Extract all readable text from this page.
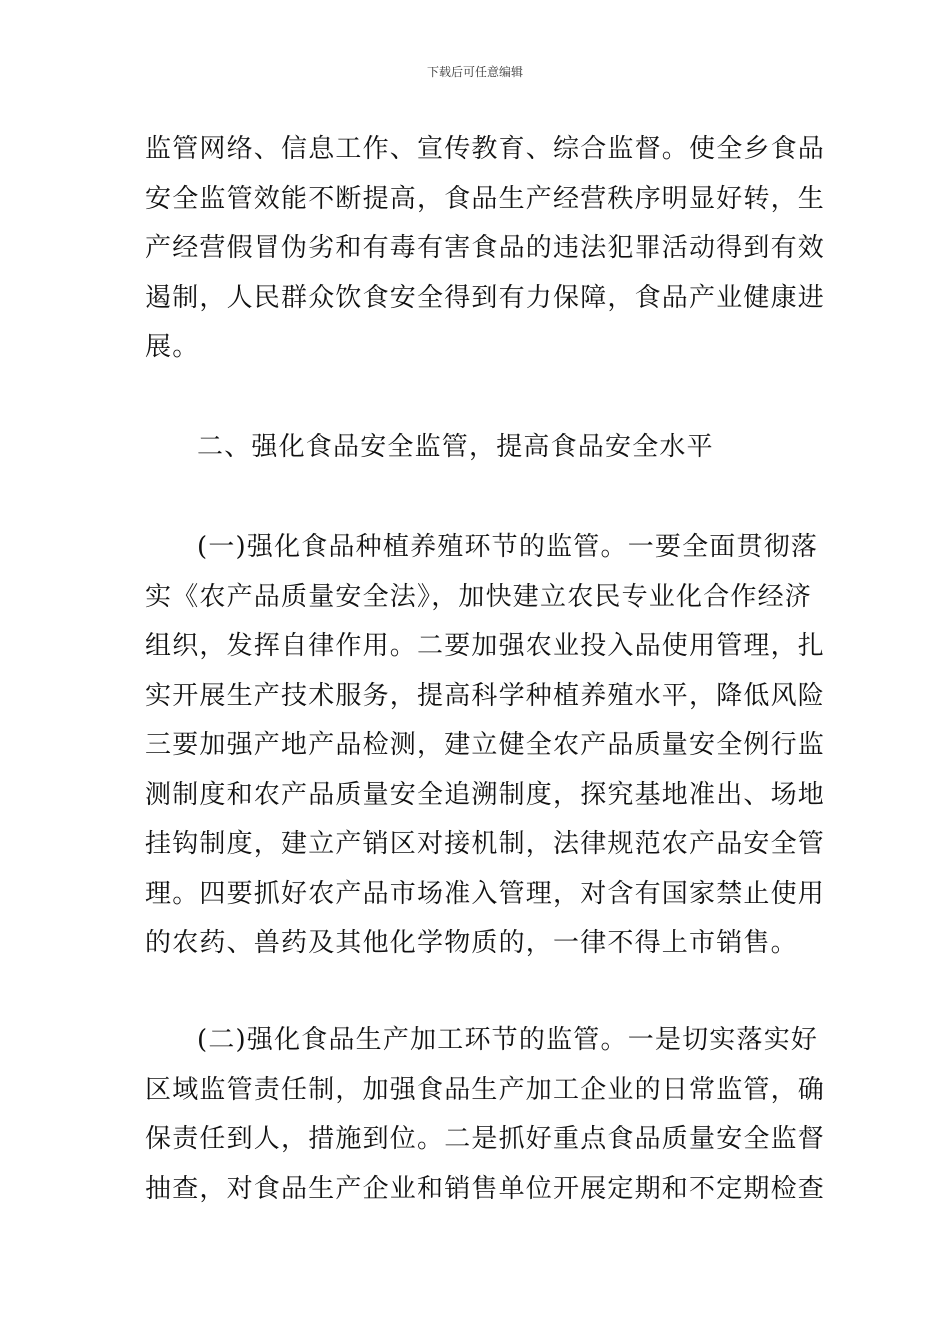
下载后可任意编辑
监管网络、信息工作、宣传教育、综合监督。使全乡食品
安全监管效能不断提高，食品生产经营秩序明显好转，生
产经营假冒伪劣和有毒有害食品的违法犯罪活动得到有效
遏制，人民群众饮食安全得到有力保障，食品产业健康进
展。
二、强化食品安全监管，提高食品安全水平
(一)强化食品种植养殖环节的监管。一要全面贯彻落
实《农产品质量安全法》，加快建立农民专业化合作经济
组织，发挥自律作用。二要加强农业投入品使用管理，扎
实开展生产技术服务，提高科学种植养殖水平，降低风险
三要加强产地产品检测，建立健全农产品质量安全例行监
测制度和农产品质量安全追溯制度，探究基地准出、场地
挂钩制度，建立产销区对接机制，法律规范农产品安全管
理。四要抓好农产品市场准入管理，对含有国家禁止使用
的农药、兽药及其他化学物质的，一律不得上市销售。
(二)强化食品生产加工环节的监管。一是切实落实好
区域监管责任制，加强食品生产加工企业的日常监管，确
保责任到人，措施到位。二是抓好重点食品质量安全监督
抽查，对食品生产企业和销售单位开展定期和不定期检查
